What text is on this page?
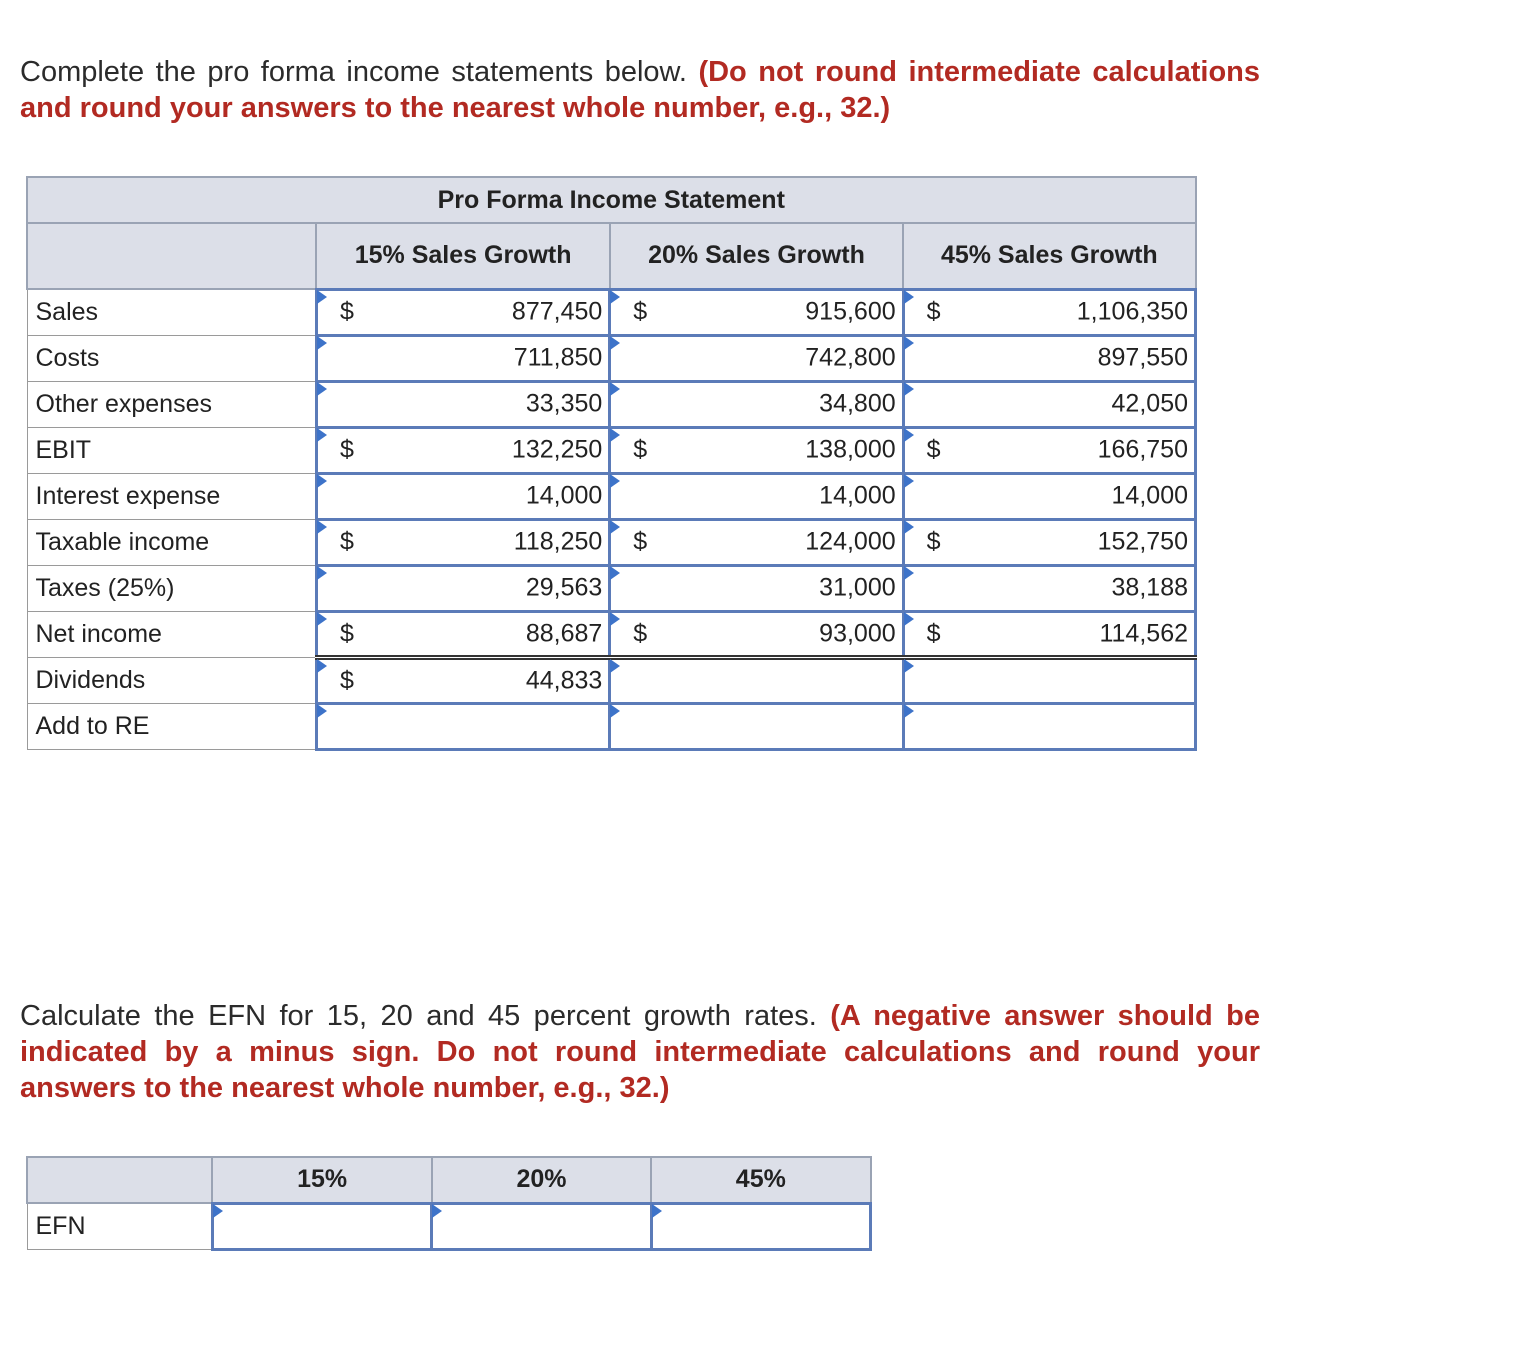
Complete the pro forma income statements below. (Do not round intermediate calculations and round your answers to the nearest whole number, e.g., 32.)
Pro Forma Income Statement			
	15% Sales Growth	20% Sales Growth	45% Sales Growth
Sales	$ 877,450	$ 915,600	$ 1,106,350

Costs	711,850	742,800	897,550

Other expenses	33,350	34,800	42,050

EBIT	$ 132,250	$ 138,000	$ 166,750

Interest expense	14,000	14,000	14,000

Taxable income	$ 118,250	$ 124,000	$ 152,750

Taxes (25%)	29,563	31,000	38,188

Net income	$ 88,687	$ 93,000	$ 114,562

Dividends	$ 44,833		

Add to RE	

Calculate the EFN for 15, 20 and 45 percent growth rates. (A negative answer should be indicated by a minus sign. Do not round intermediate calculations and round your answers to the nearest whole number, e.g., 32.)
	15%	20%	45%
EFN	
